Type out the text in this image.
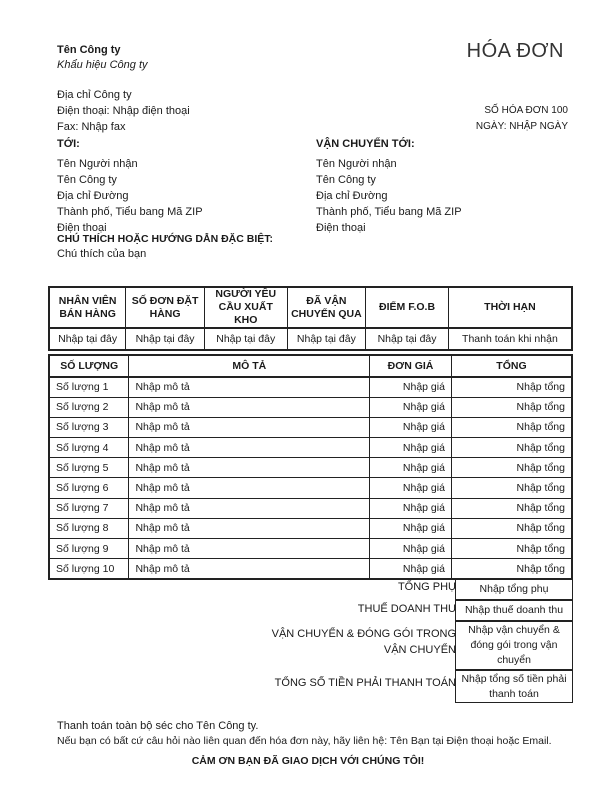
Tên Công ty
Khẩu hiệu Công ty
HÓA ĐƠN
Địa chỉ Công ty
Điện thoại: Nhập điện thoại
Fax: Nhập fax
SỐ HÓA ĐƠN 100
NGÀY: NHẬP NGÀY
TỚI:
Tên Người nhận
Tên Công ty
Địa chỉ Đường
Thành phố, Tiểu bang Mã ZIP
Điện thoại
VẬN CHUYỂN TỚI:
Tên Người nhận
Tên Công ty
Địa chỉ Đường
Thành phố, Tiểu bang Mã ZIP
Điện thoại
CHÚ THÍCH HOẶC HƯỚNG DẪN ĐẶC BIỆT:
Chú thích của bạn
NHÂN VIÊN BÁN HÀNG	SỐ ĐƠN ĐẶT HÀNG	NGƯỜI YÊU CẦU XUẤT KHO	ĐÃ VẬN CHUYỂN QUA	ĐIỂM F.O.B	THỜI HẠN
Nhập tại đây	Nhập tại đây	Nhập tại đây	Nhập tại đây	Nhập tại đây	Thanh toán khi nhận
SỐ LƯỢNG	MÔ TẢ	ĐƠN GIÁ	TỔNG
Số lượng 1	Nhập mô tả	Nhập giá	Nhập tổng
Số lượng 2	Nhập mô tả	Nhập giá	Nhập tổng
Số lượng 3	Nhập mô tả	Nhập giá	Nhập tổng
Số lượng 4	Nhập mô tả	Nhập giá	Nhập tổng
Số lượng 5	Nhập mô tả	Nhập giá	Nhập tổng
Số lượng 6	Nhập mô tả	Nhập giá	Nhập tổng
Số lượng 7	Nhập mô tả	Nhập giá	Nhập tổng
Số lượng 8	Nhập mô tả	Nhập giá	Nhập tổng
Số lượng 9	Nhập mô tả	Nhập giá	Nhập tổng
Số lượng 10	Nhập mô tả	Nhập giá	Nhập tổng
TỔNG PHỤ	Nhập tổng phụ
THUẾ DOANH THU Nhập thuế doanh thu
VẬN CHUYỂN & ĐÓNG GÓI TRONG
VẬN CHUYỂN
Nhập vận chuyển & đóng gói trong vận chuyển
TỔNG SỐ TIỀN PHẢI THANH TOÁN Nhập tổng số tiền phải thanh toán
Thanh toán toàn bộ séc cho Tên Công ty.
Nếu bạn có bất cứ câu hỏi nào liên quan đến hóa đơn này, hãy liên hệ: Tên Bạn tại Điện thoại hoặc Email.
CẢM ƠN BẠN ĐÃ GIAO DỊCH VỚI CHÚNG TÔI!
